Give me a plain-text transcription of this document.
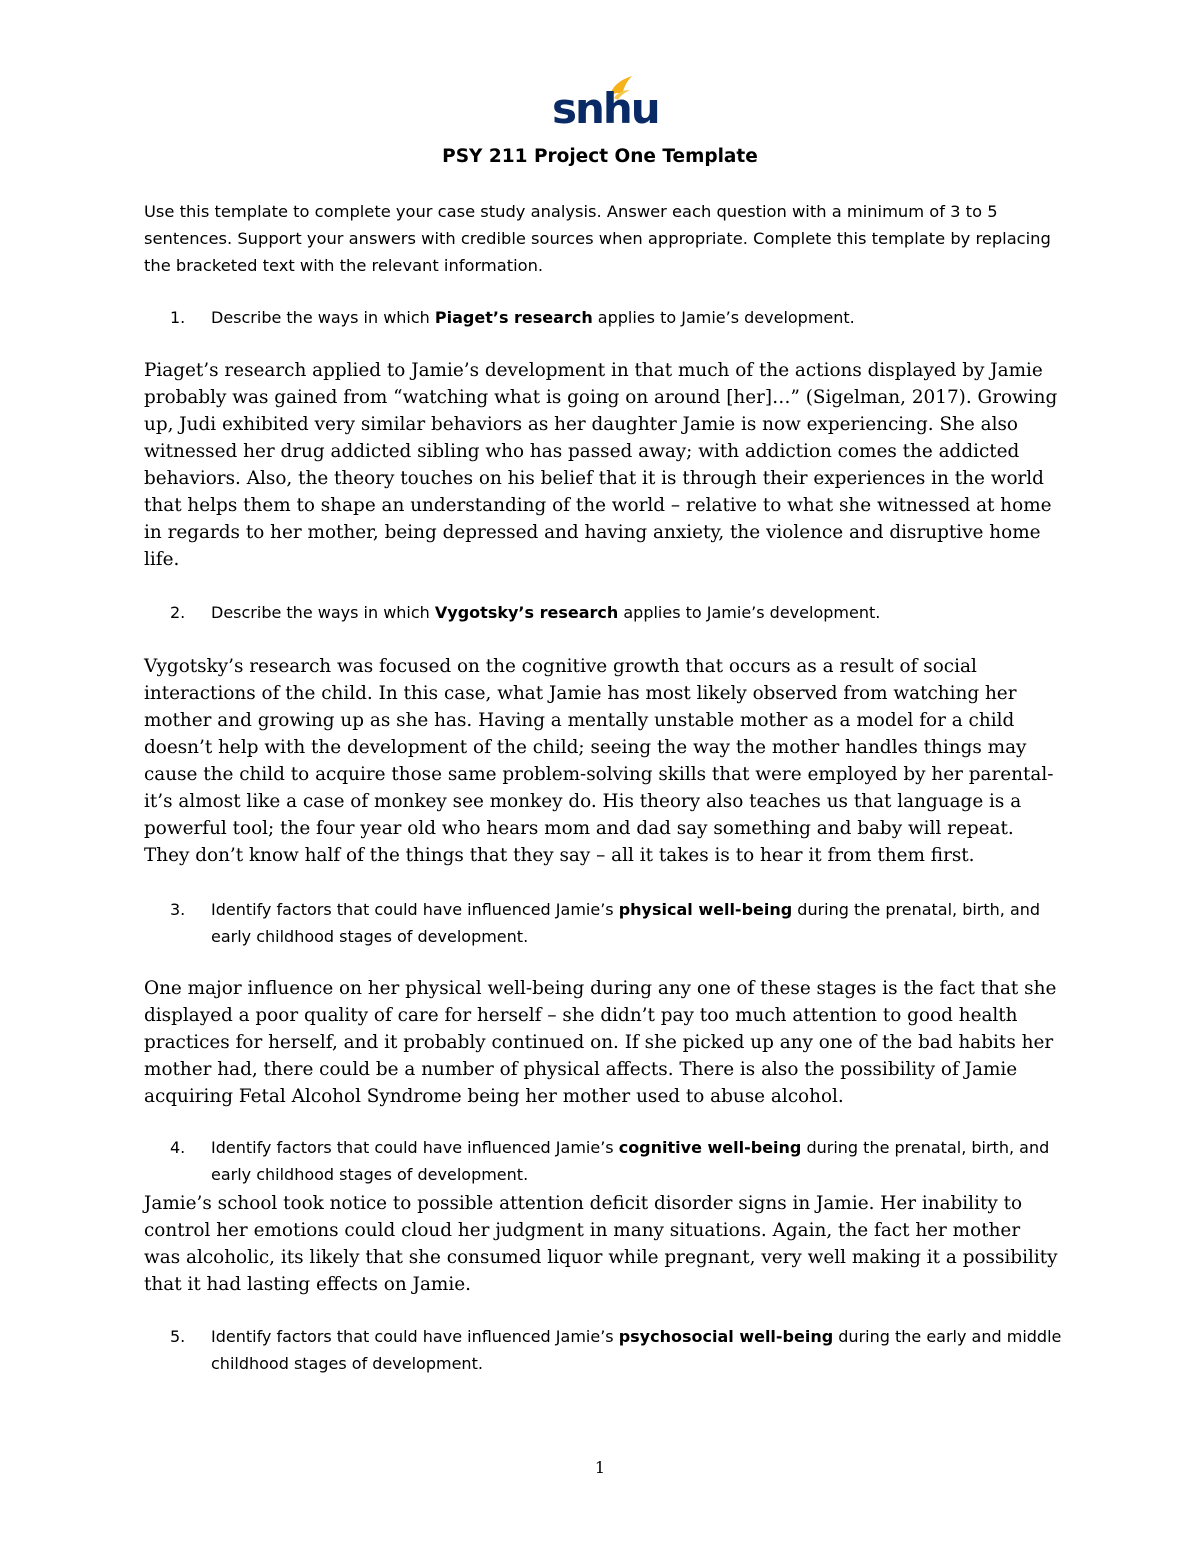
snhu
PSY 211 Project One Template

Use this template to complete your case study analysis. Answer each question with a minimum of 3 to 5 sentences. Support your answers with credible sources when appropriate. Complete this template by replacing the bracketed text with the relevant information.

1.	Describe the ways in which Piaget’s research applies to Jamie’s development.

Piaget’s research applied to Jamie’s development in that much of the actions displayed by Jamie probably was gained from “watching what is going on around [her]…” (Sigelman, 2017). Growing up, Judi exhibited very similar behaviors as her daughter Jamie is now experiencing. She also witnessed her drug addicted sibling who has passed away; with addiction comes the addicted behaviors. Also, the theory touches on his belief that it is through their experiences in the world that helps them to shape an understanding of the world – relative to what she witnessed at home in regards to her mother, being depressed and having anxiety, the violence and disruptive home life.

2.	Describe the ways in which Vygotsky’s research applies to Jamie’s development.

Vygotsky’s research was focused on the cognitive growth that occurs as a result of social interactions of the child. In this case, what Jamie has most likely observed from watching her mother and growing up as she has. Having a mentally unstable mother as a model for a child doesn’t help with the development of the child; seeing the way the mother handles things may cause the child to acquire those same problem-solving skills that were employed by her parental- it’s almost like a case of monkey see monkey do. His theory also teaches us that language is a powerful tool; the four year old who hears mom and dad say something and baby will repeat. They don’t know half of the things that they say – all it takes is to hear it from them first.

3.	Identify factors that could have influenced Jamie’s physical well-being during the prenatal, birth, and early childhood stages of development.

One major influence on her physical well-being during any one of these stages is the fact that she displayed a poor quality of care for herself – she didn’t pay too much attention to good health practices for herself, and it probably continued on. If she picked up any one of the bad habits her mother had, there could be a number of physical affects. There is also the possibility of Jamie acquiring Fetal Alcohol Syndrome being her mother used to abuse alcohol.

4.	Identify factors that could have influenced Jamie’s cognitive well-being during the prenatal, birth, and early childhood stages of development.

Jamie’s school took notice to possible attention deficit disorder signs in Jamie. Her inability to control her emotions could cloud her judgment in many situations. Again, the fact her mother was alcoholic, its likely that she consumed liquor while pregnant, very well making it a possibility that it had lasting effects on Jamie.

5.	Identify factors that could have influenced Jamie’s psychosocial well-being during the early and middle childhood stages of development.
1
